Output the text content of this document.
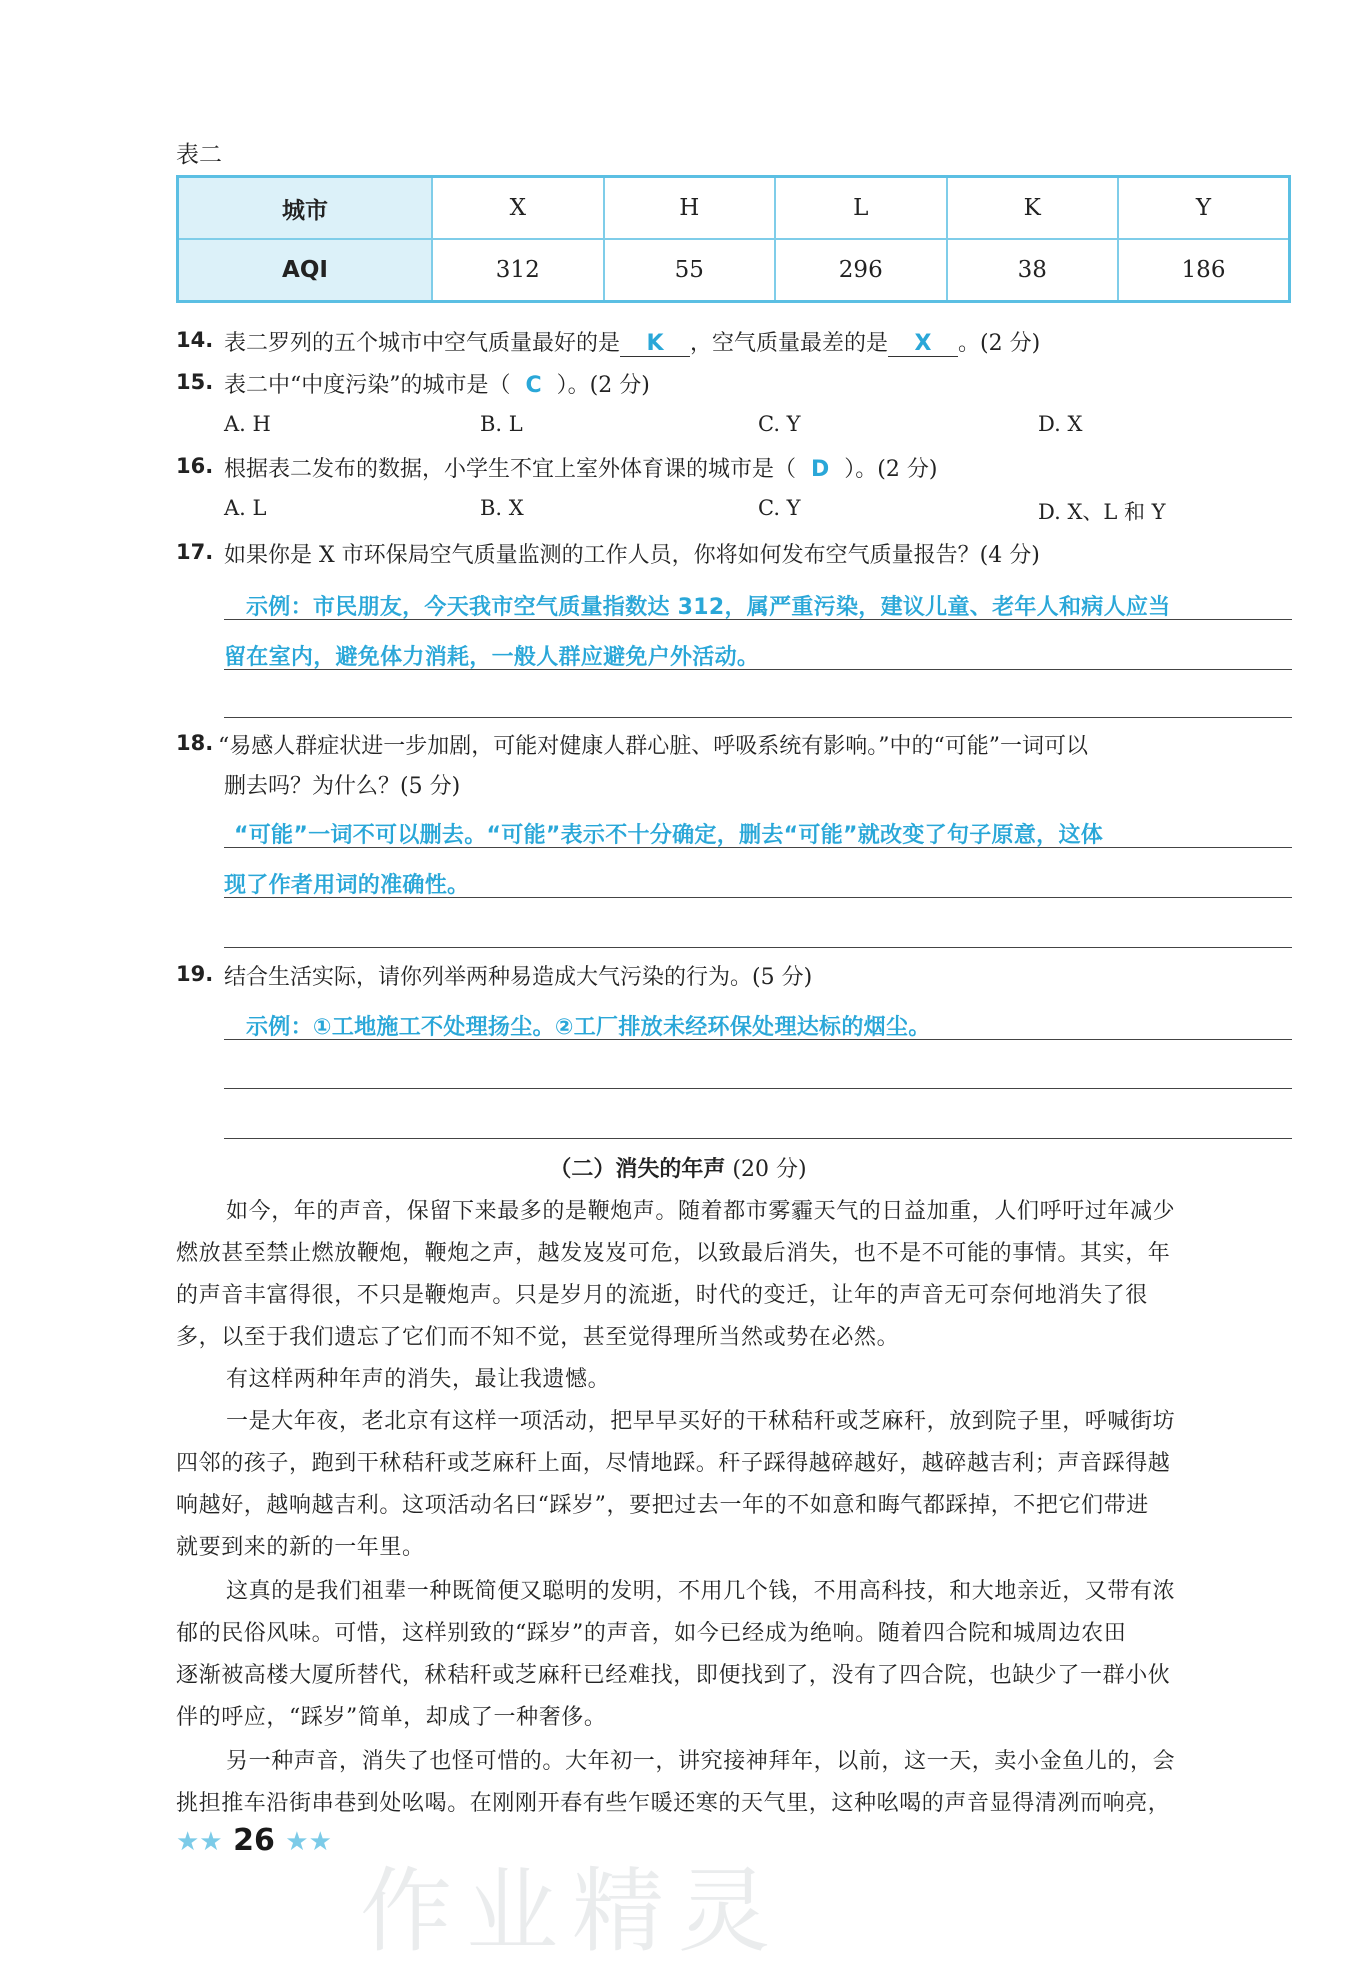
表二
城市	X	H	L	K	Y
AQI	312	55	296	38	186
14. 表二罗列的五个城市中空气质量最好的是 K ，空气质量最差的是 X 。(2 分)
15. 表二中“中度污染”的城市是（ C ）。(2 分)
A. H	B. L	C. Y	D. X
16. 根据表二发布的数据，小学生不宜上室外体育课的城市是（ D ）。(2 分)
A. L	B. X	C. Y	D. X、L 和 Y
17. 如果你是 X 市环保局空气质量监测的工作人员，你将如何发布空气质量报告？(4 分)
示例：市民朋友，今天我市空气质量指数达 312，属严重污染，建议儿童、老年人和病人应当
留在室内，避免体力消耗，一般人群应避免户外活动。
18. “易感人群症状进一步加剧，可能对健康人群心脏、呼吸系统有影响。”中的“可能”一词可以
删去吗？为什么？(5 分)
“可能”一词不可以删去。“可能”表示不十分确定，删去“可能”就改变了句子原意，这体
现了作者用词的准确性。
19. 结合生活实际，请你列举两种易造成大气污染的行为。(5 分)
示例：①工地施工不处理扬尘。②工厂排放未经环保处理达标的烟尘。
（二）消失的年声 (20 分)
如今，年的声音，保留下来最多的是鞭炮声。随着都市雾霾天气的日益加重，人们呼吁过年减少
燃放甚至禁止燃放鞭炮，鞭炮之声，越发岌岌可危，以致最后消失，也不是不可能的事情。其实，年
的声音丰富得很，不只是鞭炮声。只是岁月的流逝，时代的变迁，让年的声音无可奈何地消失了很
多，以至于我们遗忘了它们而不知不觉，甚至觉得理所当然或势在必然。
有这样两种年声的消失，最让我遗憾。
一是大年夜，老北京有这样一项活动，把早早买好的干秫秸秆或芝麻秆，放到院子里，呼喊街坊
四邻的孩子，跑到干秫秸秆或芝麻秆上面，尽情地踩。秆子踩得越碎越好，越碎越吉利；声音踩得越
响越好，越响越吉利。这项活动名曰“踩岁”，要把过去一年的不如意和晦气都踩掉，不把它们带进
就要到来的新的一年里。
这真的是我们祖辈一种既简便又聪明的发明，不用几个钱，不用高科技，和大地亲近，又带有浓
郁的民俗风味。可惜，这样别致的“踩岁”的声音，如今已经成为绝响。随着四合院和城周边农田
逐渐被高楼大厦所替代，秫秸秆或芝麻秆已经难找，即便找到了，没有了四合院，也缺少了一群小伙
伴的呼应，“踩岁”简单，却成了一种奢侈。
另一种声音，消失了也怪可惜的。大年初一，讲究接神拜年，以前，这一天，卖小金鱼儿的，会
挑担推车沿街串巷到处吆喝。在刚刚开春有些乍暖还寒的天气里，这种吆喝的声音显得清冽而响亮，
★★ 26 ★★
作业精灵
